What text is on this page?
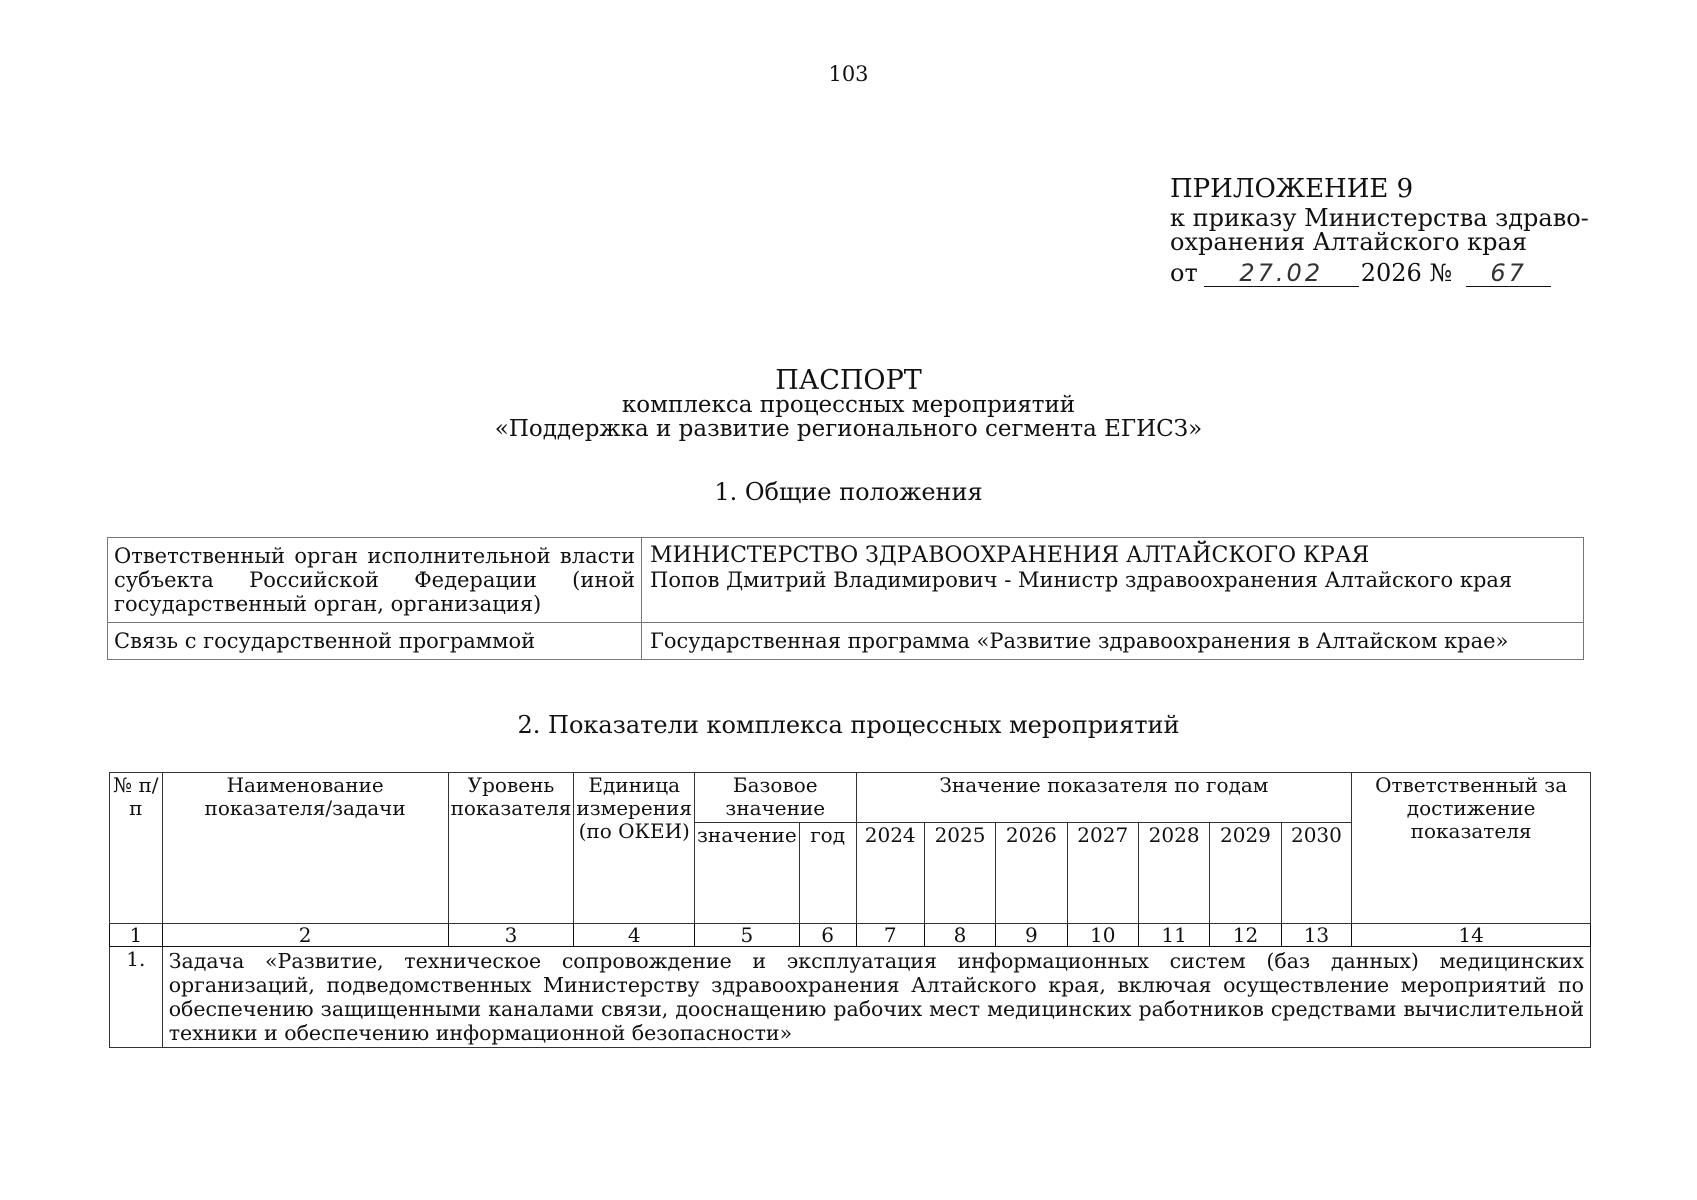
103
ПРИЛОЖЕНИЕ 9
к приказу Министерства здраво-
охранения Алтайского края
от 27.02 2026 № 67
ПАСПОРТ
комплекса процессных мероприятий
«Поддержка и развитие регионального сегмента ЕГИСЗ»
1. Общие положения
Ответственный орган исполнительной власти субъекта Российской Федерации (иной государственный орган, организация)	МИНИСТЕРСТВО ЗДРАВООХРАНЕНИЯ АЛТАЙСКОГО КРАЯ
Попов Дмитрий Владимирович - Министр здравоохранения Алтайского края

Связь с государственной программой	Государственная программа «Развитие здравоохранения в Алтайском крае»
2. Показатели комплекса процессных мероприятий
№ п/п	Наименование показателя/задачи	Уровень показателя	Единица измерения (по ОКЕИ)	Базовое значение		Значение показателя по годам							Ответственный за достижение показателя
				значение	год	2024	2025	2026	2027	2028	2029	2030	
1	2	3	4	5	6	7	8	9	10	11	12	13	14
1.	Задача «Развитие, техническое сопровождение и эксплуатация информационных систем (баз данных) медицинских организаций, подведомственных Министерству здравоохранения Алтайского края, включая осуществление мероприятий по обеспечению защищенными каналами связи, дооснащению рабочих мест медицинских работников средствами вычислительной техники и обеспечению информационной безопасности»												
